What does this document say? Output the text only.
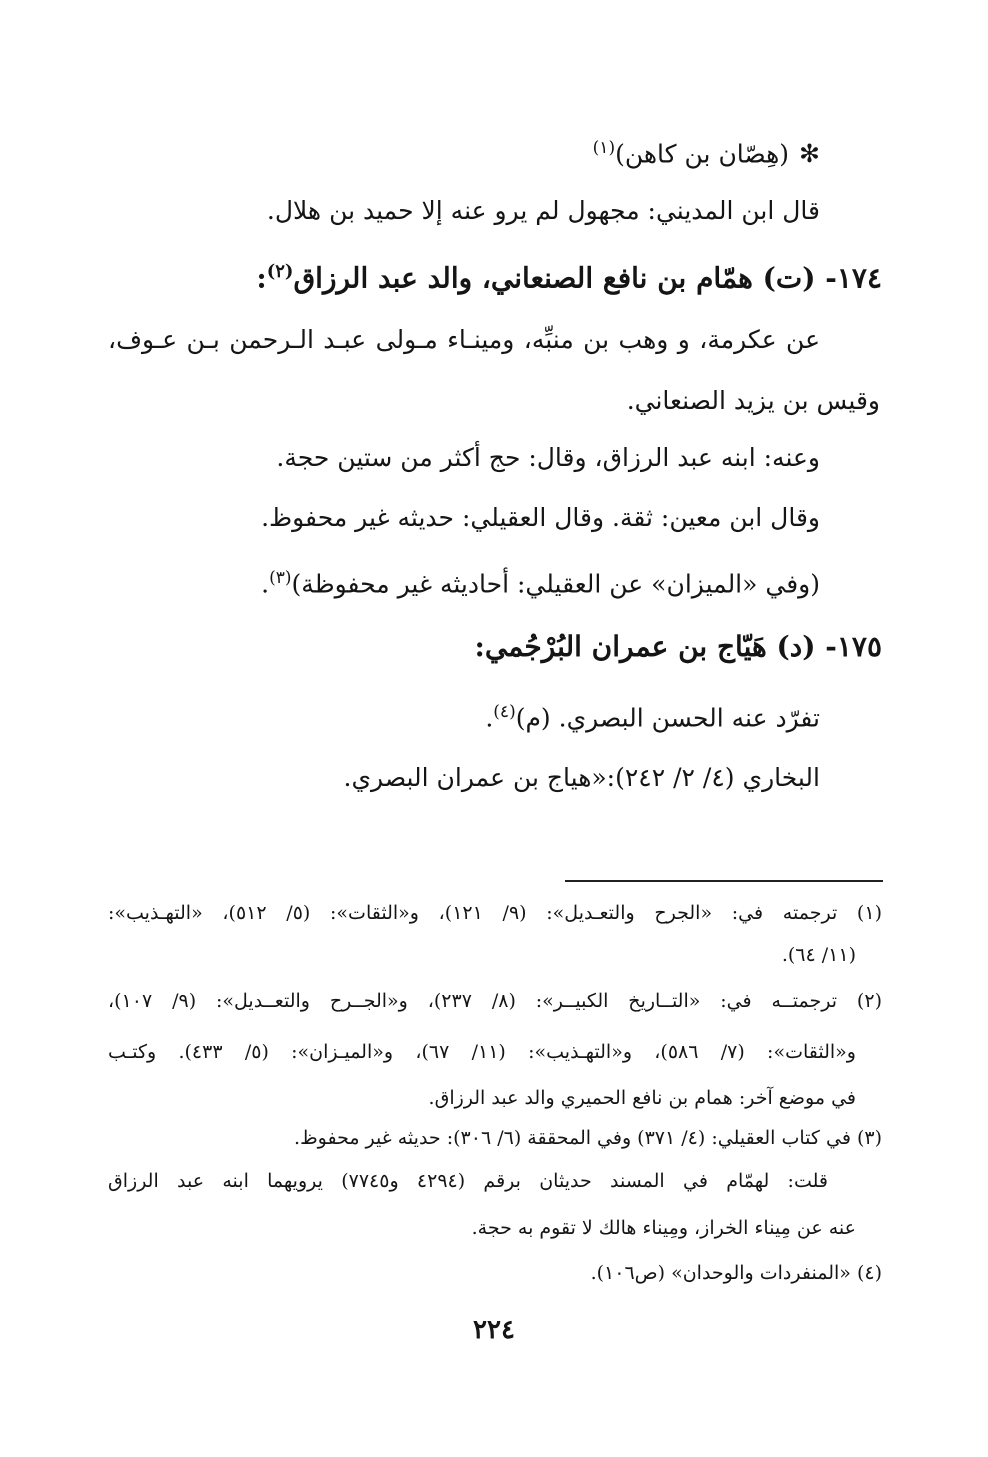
✻(هِصّان بن كاهن)$^{(١)}$
قال ابن المديني: مجهول لم يرو عنه إلا حميد بن هلال.
١٧٤- (ت) همّام بن نافع الصنعاني، والد عبد الرزاق$^{(٢)}$:
عن عكرمة، و وهب بن منبِّه، ومينـاء مـولى عبـد الـرحمن بـن عـوف،
وقيس بن يزيد الصنعاني.
وعنه: ابنه عبد الرزاق، وقال: حج أكثر من ستين حجة.
وقال ابن معين: ثقة. وقال العقيلي: حديثه غير محفوظ.
(وفي «الميزان» عن العقيلي: أحاديثه غير محفوظة)$^{(٣)}$.
١٧٥- (د) هَيّاج بن عمران البُرْجُمي:
تفرّد عنه الحسن البصري. (م)$^{(٤)}$.
البخاري (٤/ ٢/ ٢٤٢):«هياج بن عمران البصري.
(١) ترجمته في: «الجرح والتعـديل»: (٩/ ١٢١)، و«الثقات»: (٥/ ٥١٢)، «التهـذيب»:
(١١/ ٦٤).
(٢) ترجمتــه في: «التــاريخ الكبيــر»: (٨/ ٢٣٧)، و«الجــرح والتعــديل»: (٩/ ١٠٧)،
و«الثقات»: (٧/ ٥٨٦)، و«التهـذيب»: (١١/ ٦٧)، و«الميـزان»: (٥/ ٤٣٣). وكتـب
في موضع آخر: همام بن نافع الحميري والد عبد الرزاق.
(٣) في كتاب العقيلي: (٤/ ٣٧١) وفي المحققة (٦/ ٣٠٦): حديثه غير محفوظ.
قلت: لهمّام في المسند حديثان برقم (٤٢٩٤ و٧٧٤٥) يرويهما ابنه عبد الرزاق
عنه عن مِيناء الخراز، ومِيناء هالك لا تقوم به حجة.
(٤) «المنفردات والوحدان» (ص١٠٦).
٢٢٤
